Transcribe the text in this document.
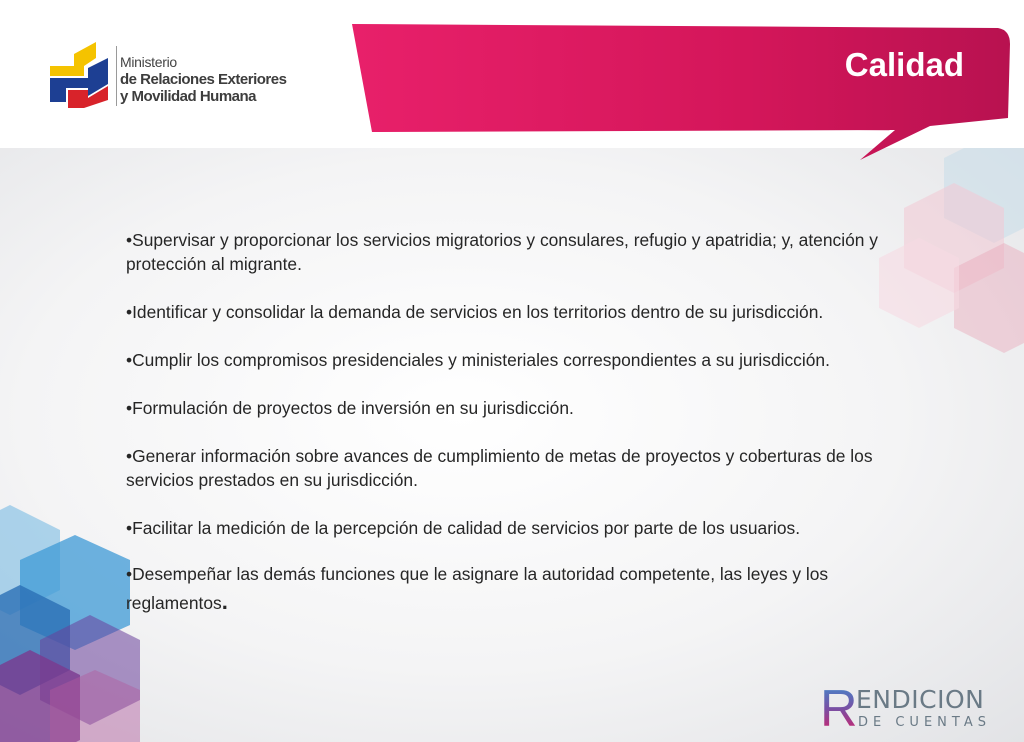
Ministerio
de Relaciones Exteriores
y Movilidad Humana
Calidad

•Supervisar y proporcionar los servicios migratorios y consulares, refugio y apatridia; y, atención y protección al migrante.

•Identificar y consolidar la demanda de servicios en los territorios dentro de su jurisdicción.

•Cumplir los compromisos presidenciales y ministeriales correspondientes a su jurisdicción.

•Formulación de proyectos de inversión en su jurisdicción.

•Generar información sobre avances de cumplimiento de metas de proyectos y coberturas de los servicios prestados en su jurisdicción.

•Facilitar la medición de la percepción de calidad de servicios por parte de los usuarios.

•Desempeñar las demás funciones que le asignare la autoridad competente, las leyes y los reglamentos.

R
ENDICION
DE CUENTAS
